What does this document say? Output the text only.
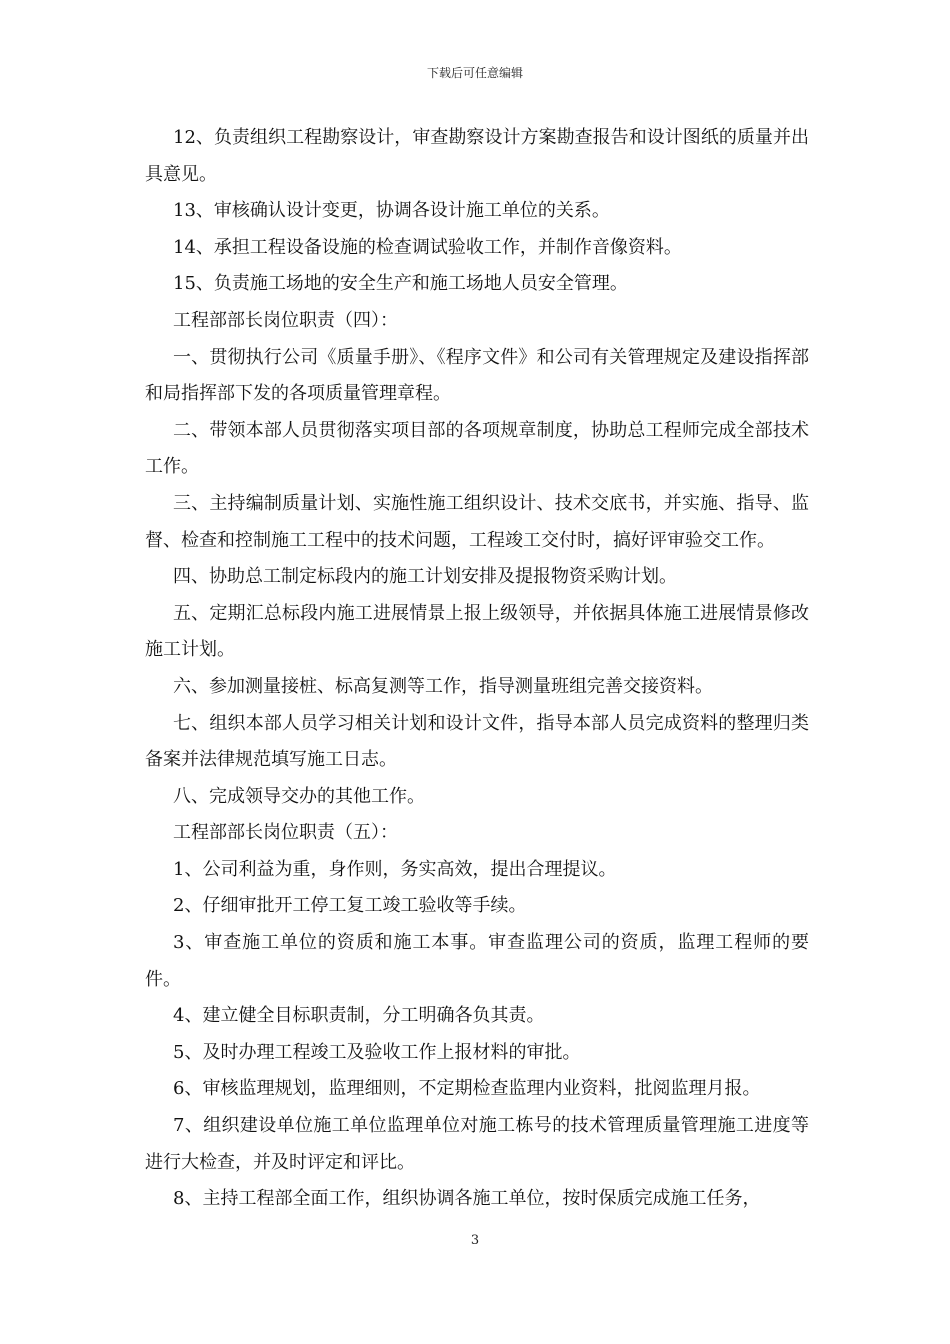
下载后可任意编辑

12、负责组织工程勘察设计，审查勘察设计方案勘查报告和设计图纸的质量并出具意见。

13、审核确认设计变更，协调各设计施工单位的关系。

14、承担工程设备设施的检查调试验收工作，并制作音像资料。

15、负责施工场地的安全生产和施工场地人员安全管理。

工程部部长岗位职责（四）：

一、贯彻执行公司《质量手册》、《程序文件》和公司有关管理规定及建设指挥部和局指挥部下发的各项质量管理章程。

二、带领本部人员贯彻落实项目部的各项规章制度，协助总工程师完成全部技术工作。

三、主持编制质量计划、实施性施工组织设计、技术交底书，并实施、指导、监督、检查和控制施工工程中的技术问题，工程竣工交付时，搞好评审验交工作。

四、协助总工制定标段内的施工计划安排及提报物资采购计划。

五、定期汇总标段内施工进展情景上报上级领导，并依据具体施工进展情景修改施工计划。

六、参加测量接桩、标高复测等工作，指导测量班组完善交接资料。

七、组织本部人员学习相关计划和设计文件，指导本部人员完成资料的整理归类备案并法律规范填写施工日志。

八、完成领导交办的其他工作。

工程部部长岗位职责（五）：

1、公司利益为重，身作则，务实高效，提出合理提议。

2、仔细审批开工停工复工竣工验收等手续。

3、审查施工单位的资质和施工本事。审查监理公司的资质，监理工程师的要件。

4、建立健全目标职责制，分工明确各负其责。

5、及时办理工程竣工及验收工作上报材料的审批。

6、审核监理规划，监理细则，不定期检查监理内业资料，批阅监理月报。

7、组织建设单位施工单位监理单位对施工栋号的技术管理质量管理施工进度等进行大检查，并及时评定和评比。

8、主持工程部全面工作，组织协调各施工单位，按时保质完成施工任务，

3
